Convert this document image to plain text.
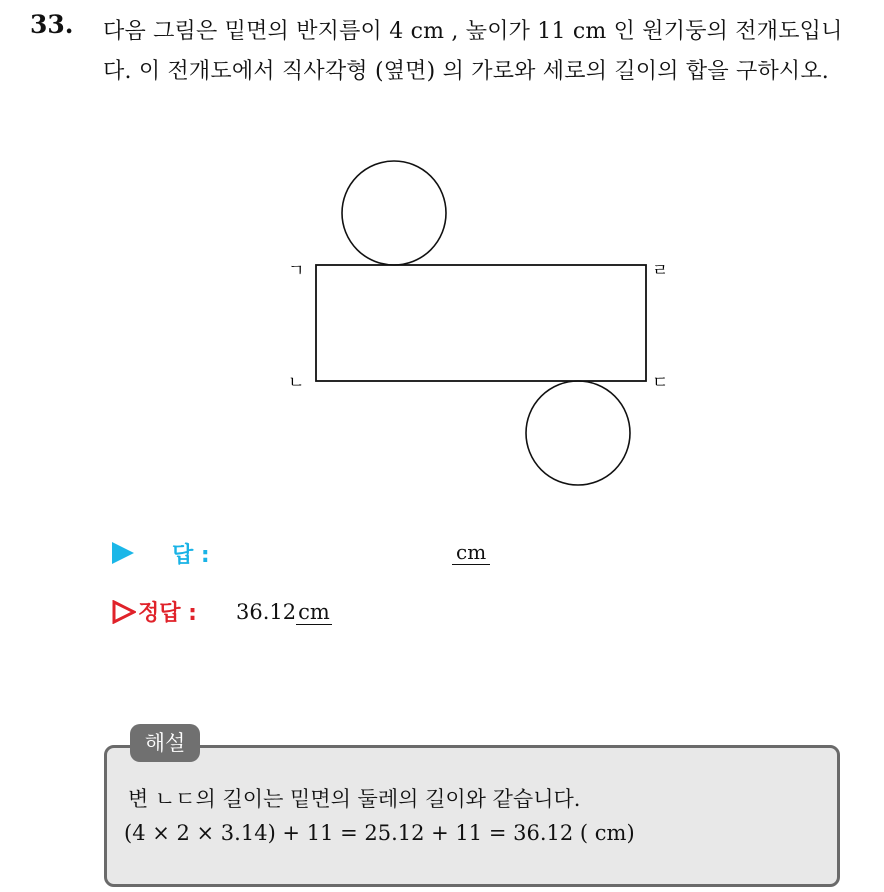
33. 다음 그림은 밑면의 반지름이 4 cm , 높이가 11 cm 인 원기둥의 전개도입니다. 이 전개도에서 직사각형 (옆면) 의 가로와 세로의 길이의 합을 구하시오.
ㄱ	ㄹ
ㄴ	ㄷ
답 :	cm
정답 : 36.12cm
해설
변 ㄴㄷ의 길이는 밑면의 둘레의 길이와 같습니다.
(4 × 2 × 3.14) + 11 = 25.12 + 11 = 36.12 ( cm)
